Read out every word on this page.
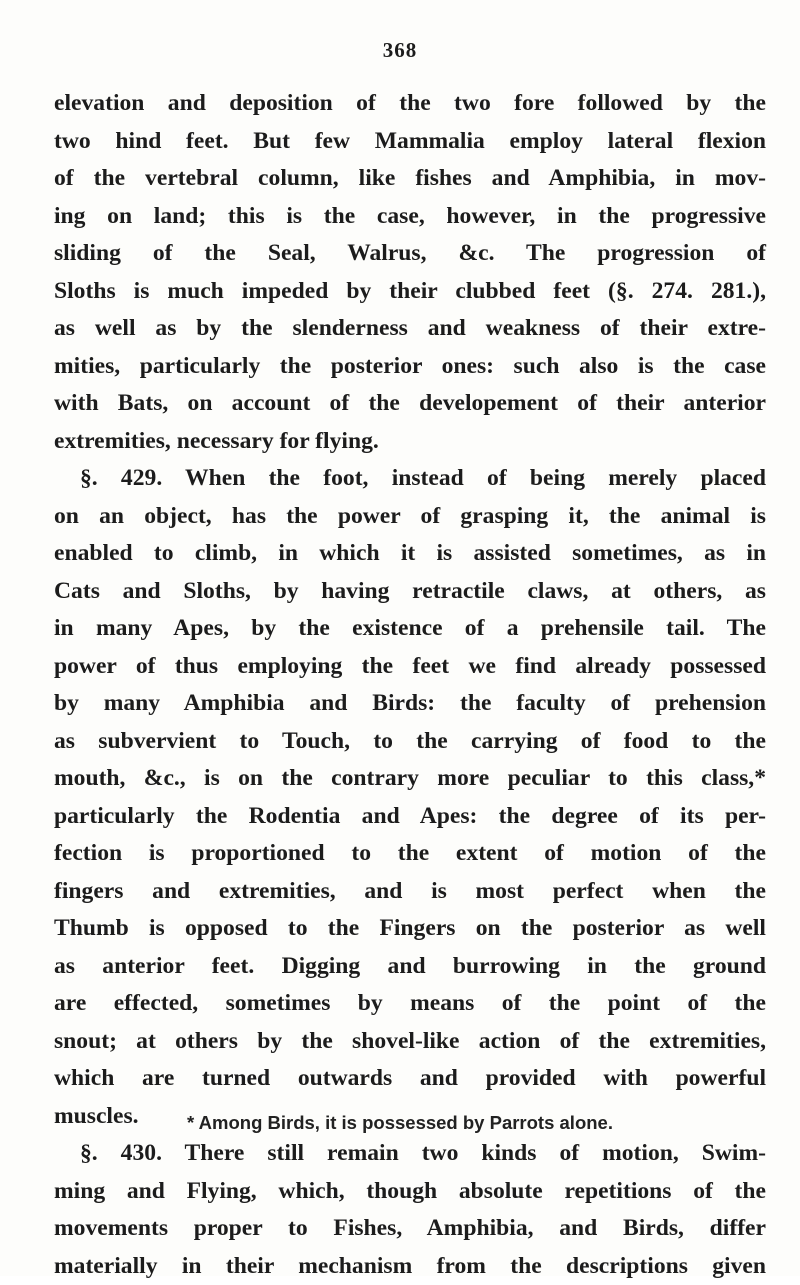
368
elevation and deposition of the two fore followed by the
two hind feet. But few Mammalia employ lateral flexion
of the vertebral column, like fishes and Amphibia, in mov-
ing on land; this is the case, however, in the progressive
sliding of the Seal, Walrus, &c. The progression of
Sloths is much impeded by their clubbed feet (§. 274. 281.),
as well as by the slenderness and weakness of their extre-
mities, particularly the posterior ones: such also is the case
with Bats, on account of the developement of their anterior
extremities, necessary for flying.
§. 429. When the foot, instead of being merely placed
on an object, has the power of grasping it, the animal is
enabled to climb, in which it is assisted sometimes, as in
Cats and Sloths, by having retractile claws, at others, as
in many Apes, by the existence of a prehensile tail. The
power of thus employing the feet we find already possessed
by many Amphibia and Birds: the faculty of prehension
as subvervient to Touch, to the carrying of food to the
mouth, &c., is on the contrary more peculiar to this class,*
particularly the Rodentia and Apes: the degree of its per-
fection is proportioned to the extent of motion of the
fingers and extremities, and is most perfect when the
Thumb is opposed to the Fingers on the posterior as well
as anterior feet. Digging and burrowing in the ground
are effected, sometimes by means of the point of the
snout; at others by the shovel-like action of the extremities,
which are turned outwards and provided with powerful
muscles.
§. 430. There still remain two kinds of motion, Swim-
ming and Flying, which, though absolute repetitions of the
movements proper to Fishes, Amphibia, and Birds, differ
materially in their mechanism from the descriptions given
* Among Birds, it is possessed by Parrots alone.
